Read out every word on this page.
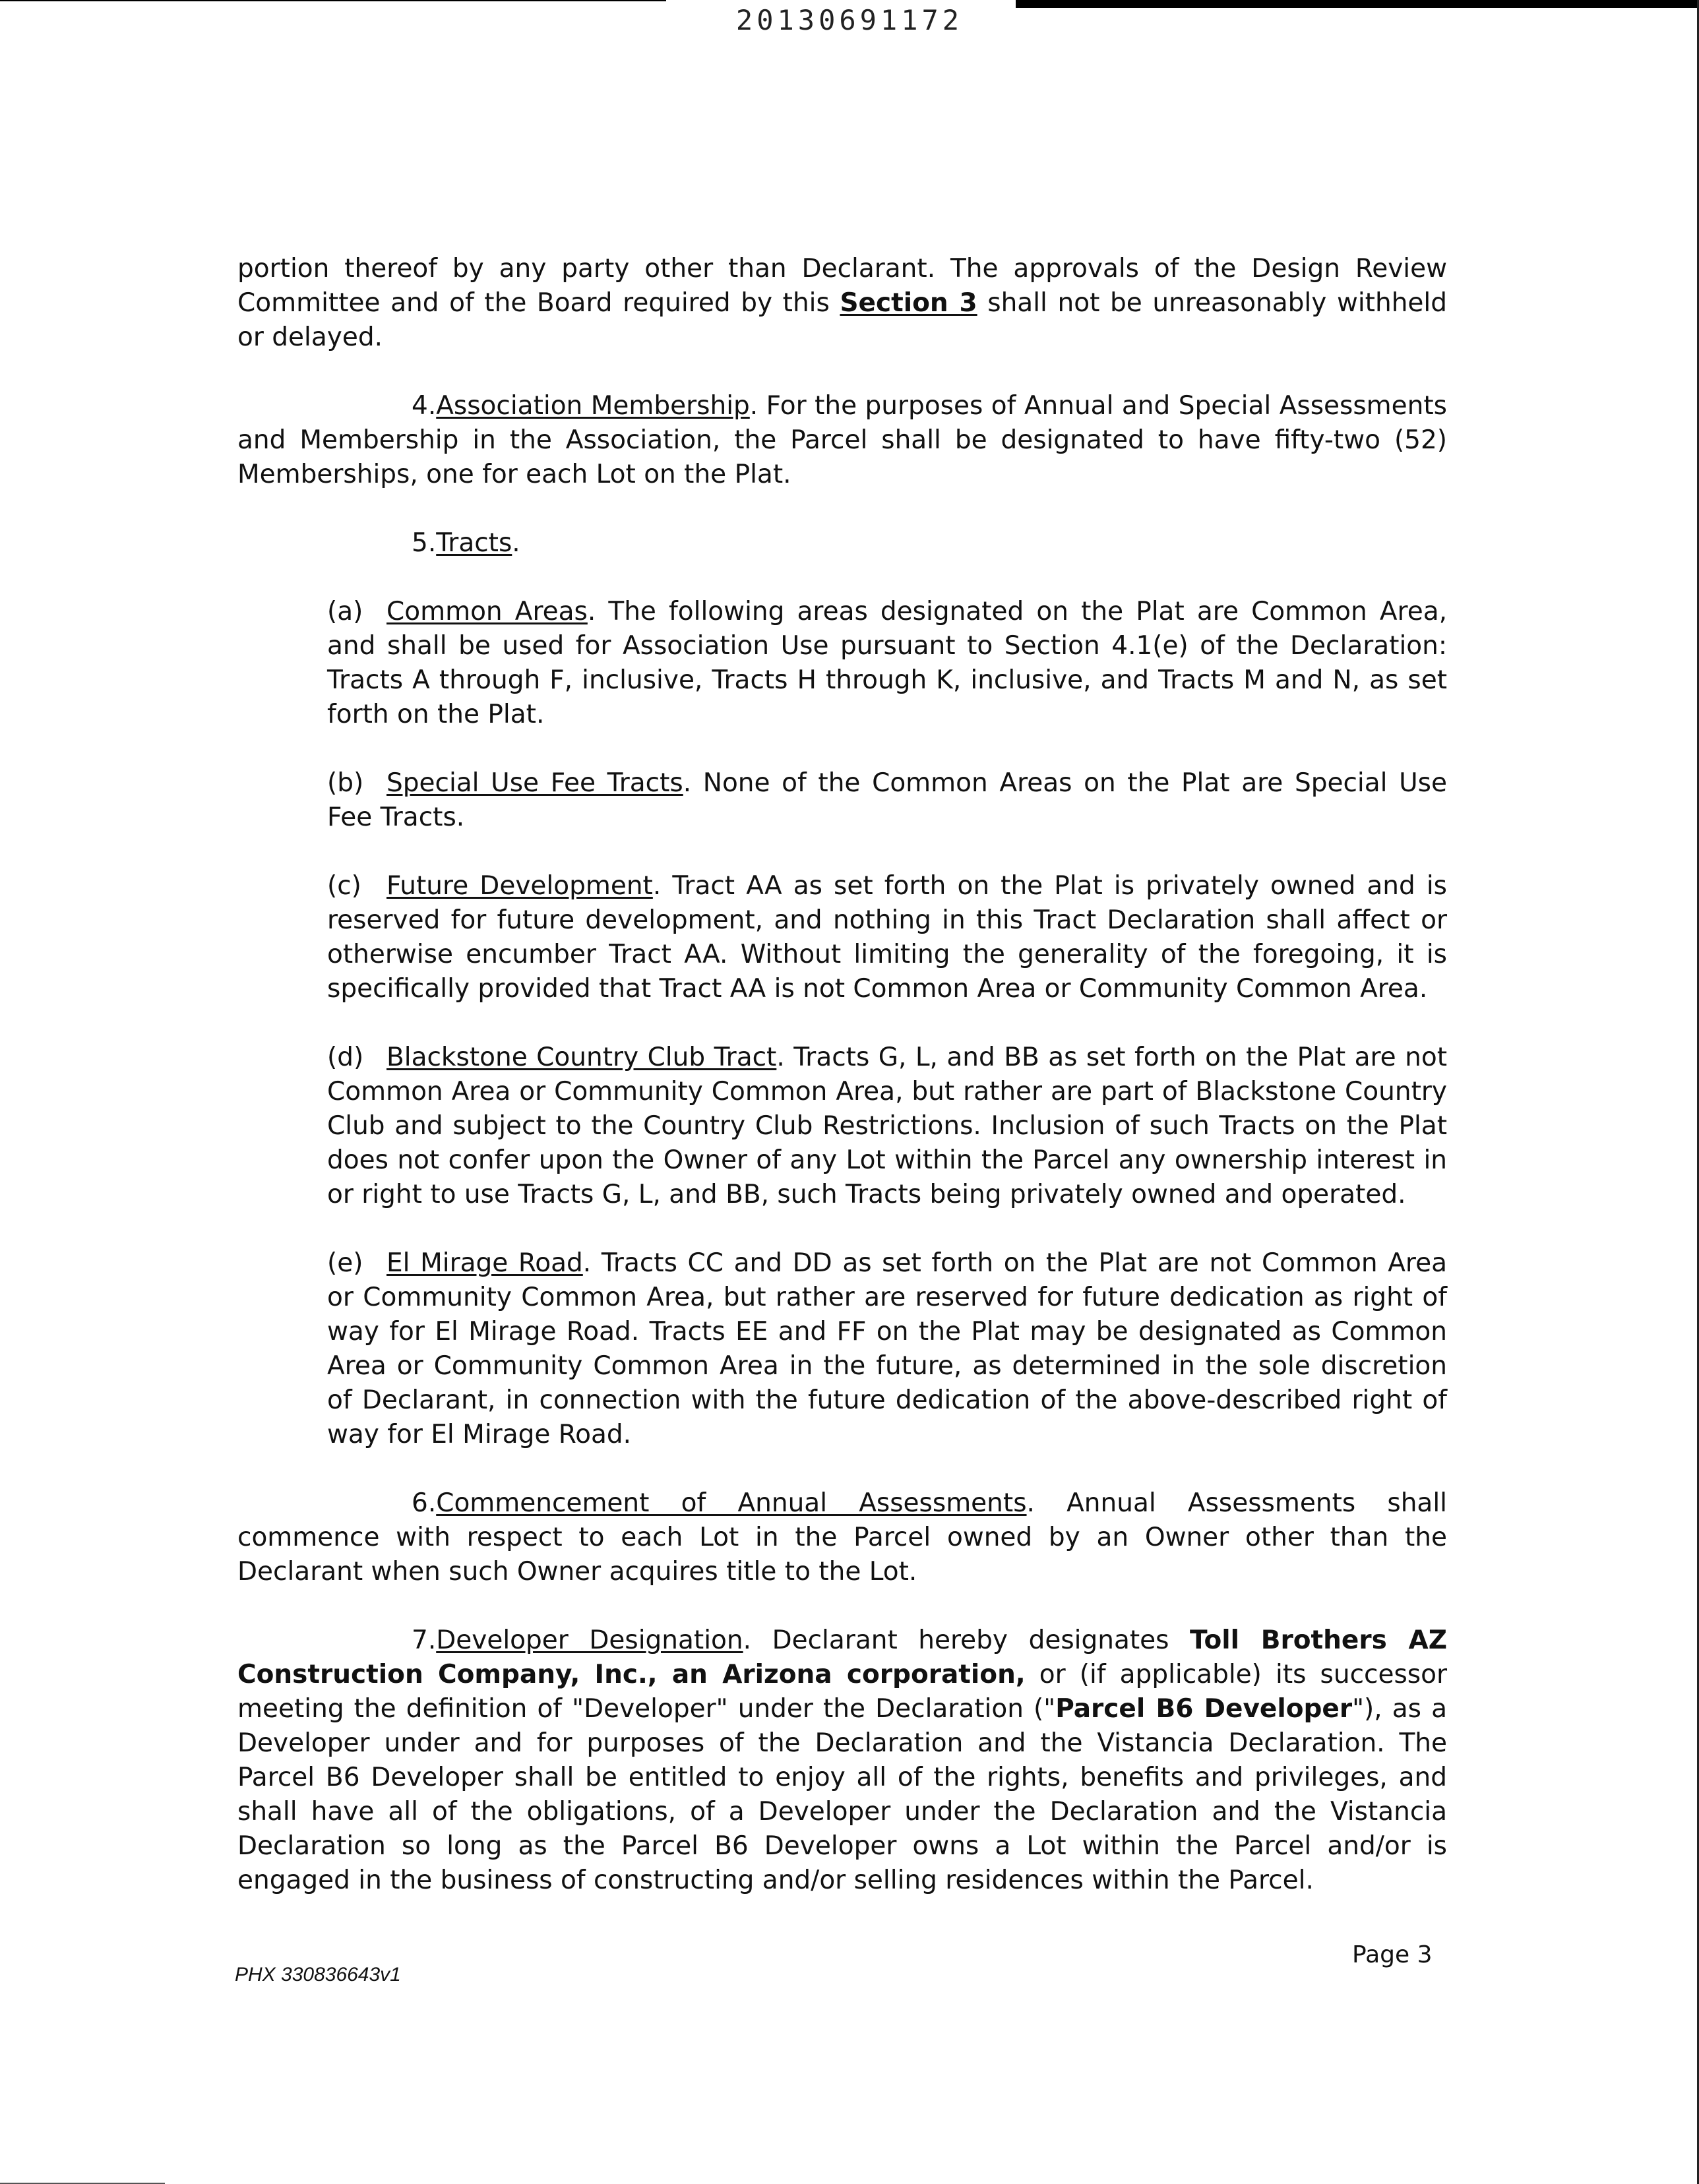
20130691172

portion thereof by any party other than Declarant. The approvals of the Design Review Committee and of the Board required by this Section 3 shall not be unreasonably withheld or delayed.

4.Association Membership. For the purposes of Annual and Special Assessments and Membership in the Association, the Parcel shall be designated to have fifty-two (52) Memberships, one for each Lot on the Plat.

5.Tracts.

(a) Common Areas. The following areas designated on the Plat are Common Area, and shall be used for Association Use pursuant to Section 4.1(e) of the Declaration: Tracts A through F, inclusive, Tracts H through K, inclusive, and Tracts M and N, as set forth on the Plat.

(b) Special Use Fee Tracts. None of the Common Areas on the Plat are Special Use Fee Tracts.

(c) Future Development. Tract AA as set forth on the Plat is privately owned and is reserved for future development, and nothing in this Tract Declaration shall affect or otherwise encumber Tract AA. Without limiting the generality of the foregoing, it is specifically provided that Tract AA is not Common Area or Community Common Area.

(d) Blackstone Country Club Tract. Tracts G, L, and BB as set forth on the Plat are not Common Area or Community Common Area, but rather are part of Blackstone Country Club and subject to the Country Club Restrictions. Inclusion of such Tracts on the Plat does not confer upon the Owner of any Lot within the Parcel any ownership interest in or right to use Tracts G, L, and BB, such Tracts being privately owned and operated.

(e) El Mirage Road. Tracts CC and DD as set forth on the Plat are not Common Area or Community Common Area, but rather are reserved for future dedication as right of way for El Mirage Road. Tracts EE and FF on the Plat may be designated as Common Area or Community Common Area in the future, as determined in the sole discretion of Declarant, in connection with the future dedication of the above-described right of way for El Mirage Road.

6.Commencement of Annual Assessments. Annual Assessments shall commence with respect to each Lot in the Parcel owned by an Owner other than the Declarant when such Owner acquires title to the Lot.

7.Developer Designation. Declarant hereby designates Toll Brothers AZ Construction Company, Inc., an Arizona corporation, or (if applicable) its successor meeting the definition of "Developer" under the Declaration ("Parcel B6 Developer"), as a Developer under and for purposes of the Declaration and the Vistancia Declaration. The Parcel B6 Developer shall be entitled to enjoy all of the rights, benefits and privileges, and shall have all of the obligations, of a Developer under the Declaration and the Vistancia Declaration so long as the Parcel B6 Developer owns a Lot within the Parcel and/or is engaged in the business of constructing and/or selling residences within the Parcel.

Page 3
PHX 330836643v1
